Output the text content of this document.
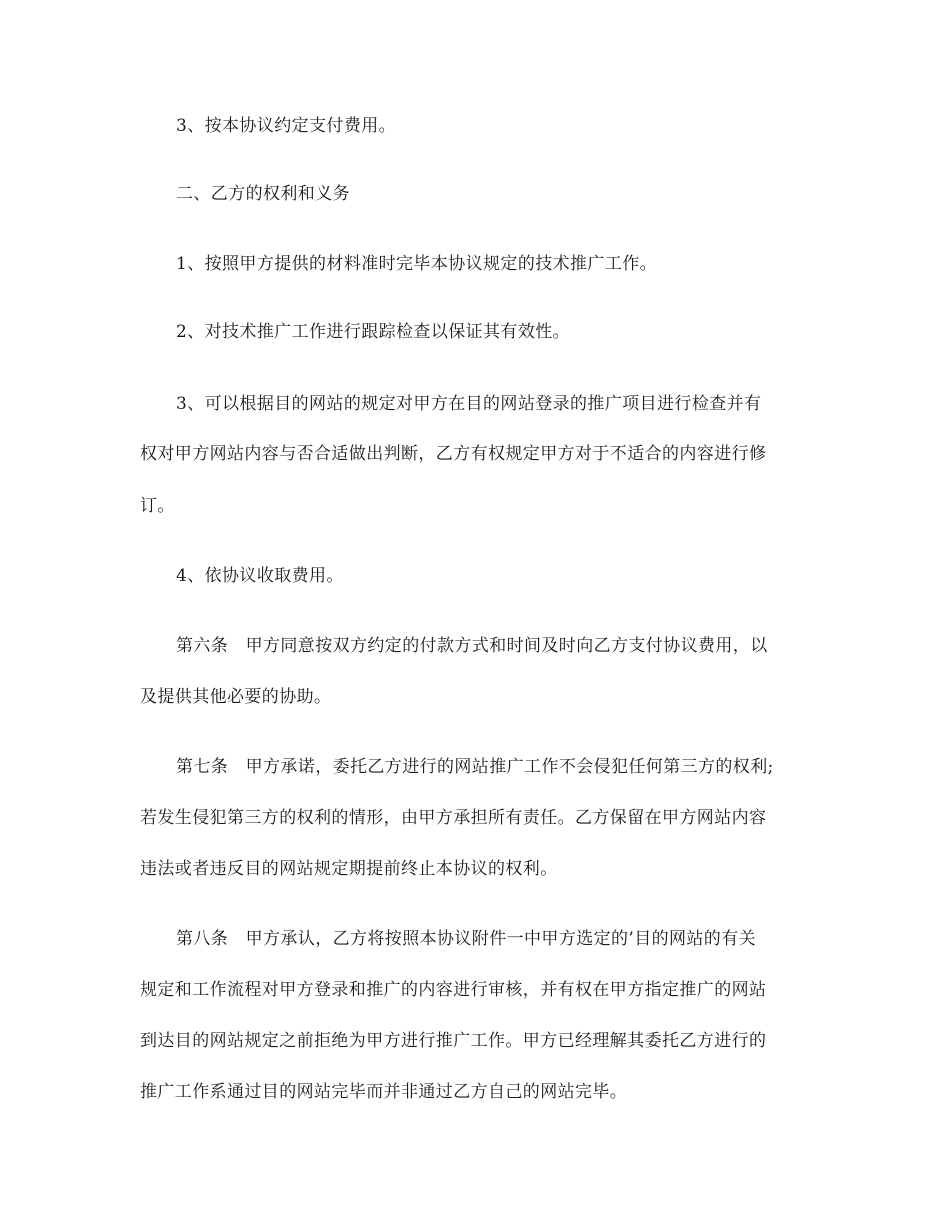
3、按本协议约定支付费用。
二、乙方的权利和义务
1、按照甲方提供的材料准时完毕本协议规定的技术推广工作。
2、对技术推广工作进行跟踪检查以保证其有效性。
3、可以根据目的网站的规定对甲方在目的网站登录的推广项目进行检查并有
权对甲方网站内容与否合适做出判断，乙方有权规定甲方对于不适合的内容进行修
订。
4、依协议收取费用。
第六条　甲方同意按双方约定的付款方式和时间及时向乙方支付协议费用，以
及提供其他必要的协助。
第七条　甲方承诺，委托乙方进行的网站推广工作不会侵犯任何第三方的权利;
若发生侵犯第三方的权利的情形，由甲方承担所有责任。乙方保留在甲方网站内容
违法或者违反目的网站规定期提前终止本协议的权利。
第八条　甲方承认，乙方将按照本协议附件一中甲方选定的’目的网站的有关
规定和工作流程对甲方登录和推广的内容进行审核，并有权在甲方指定推广的网站
到达目的网站规定之前拒绝为甲方进行推广工作。甲方已经理解其委托乙方进行的
推广工作系通过目的网站完毕而并非通过乙方自己的网站完毕。
